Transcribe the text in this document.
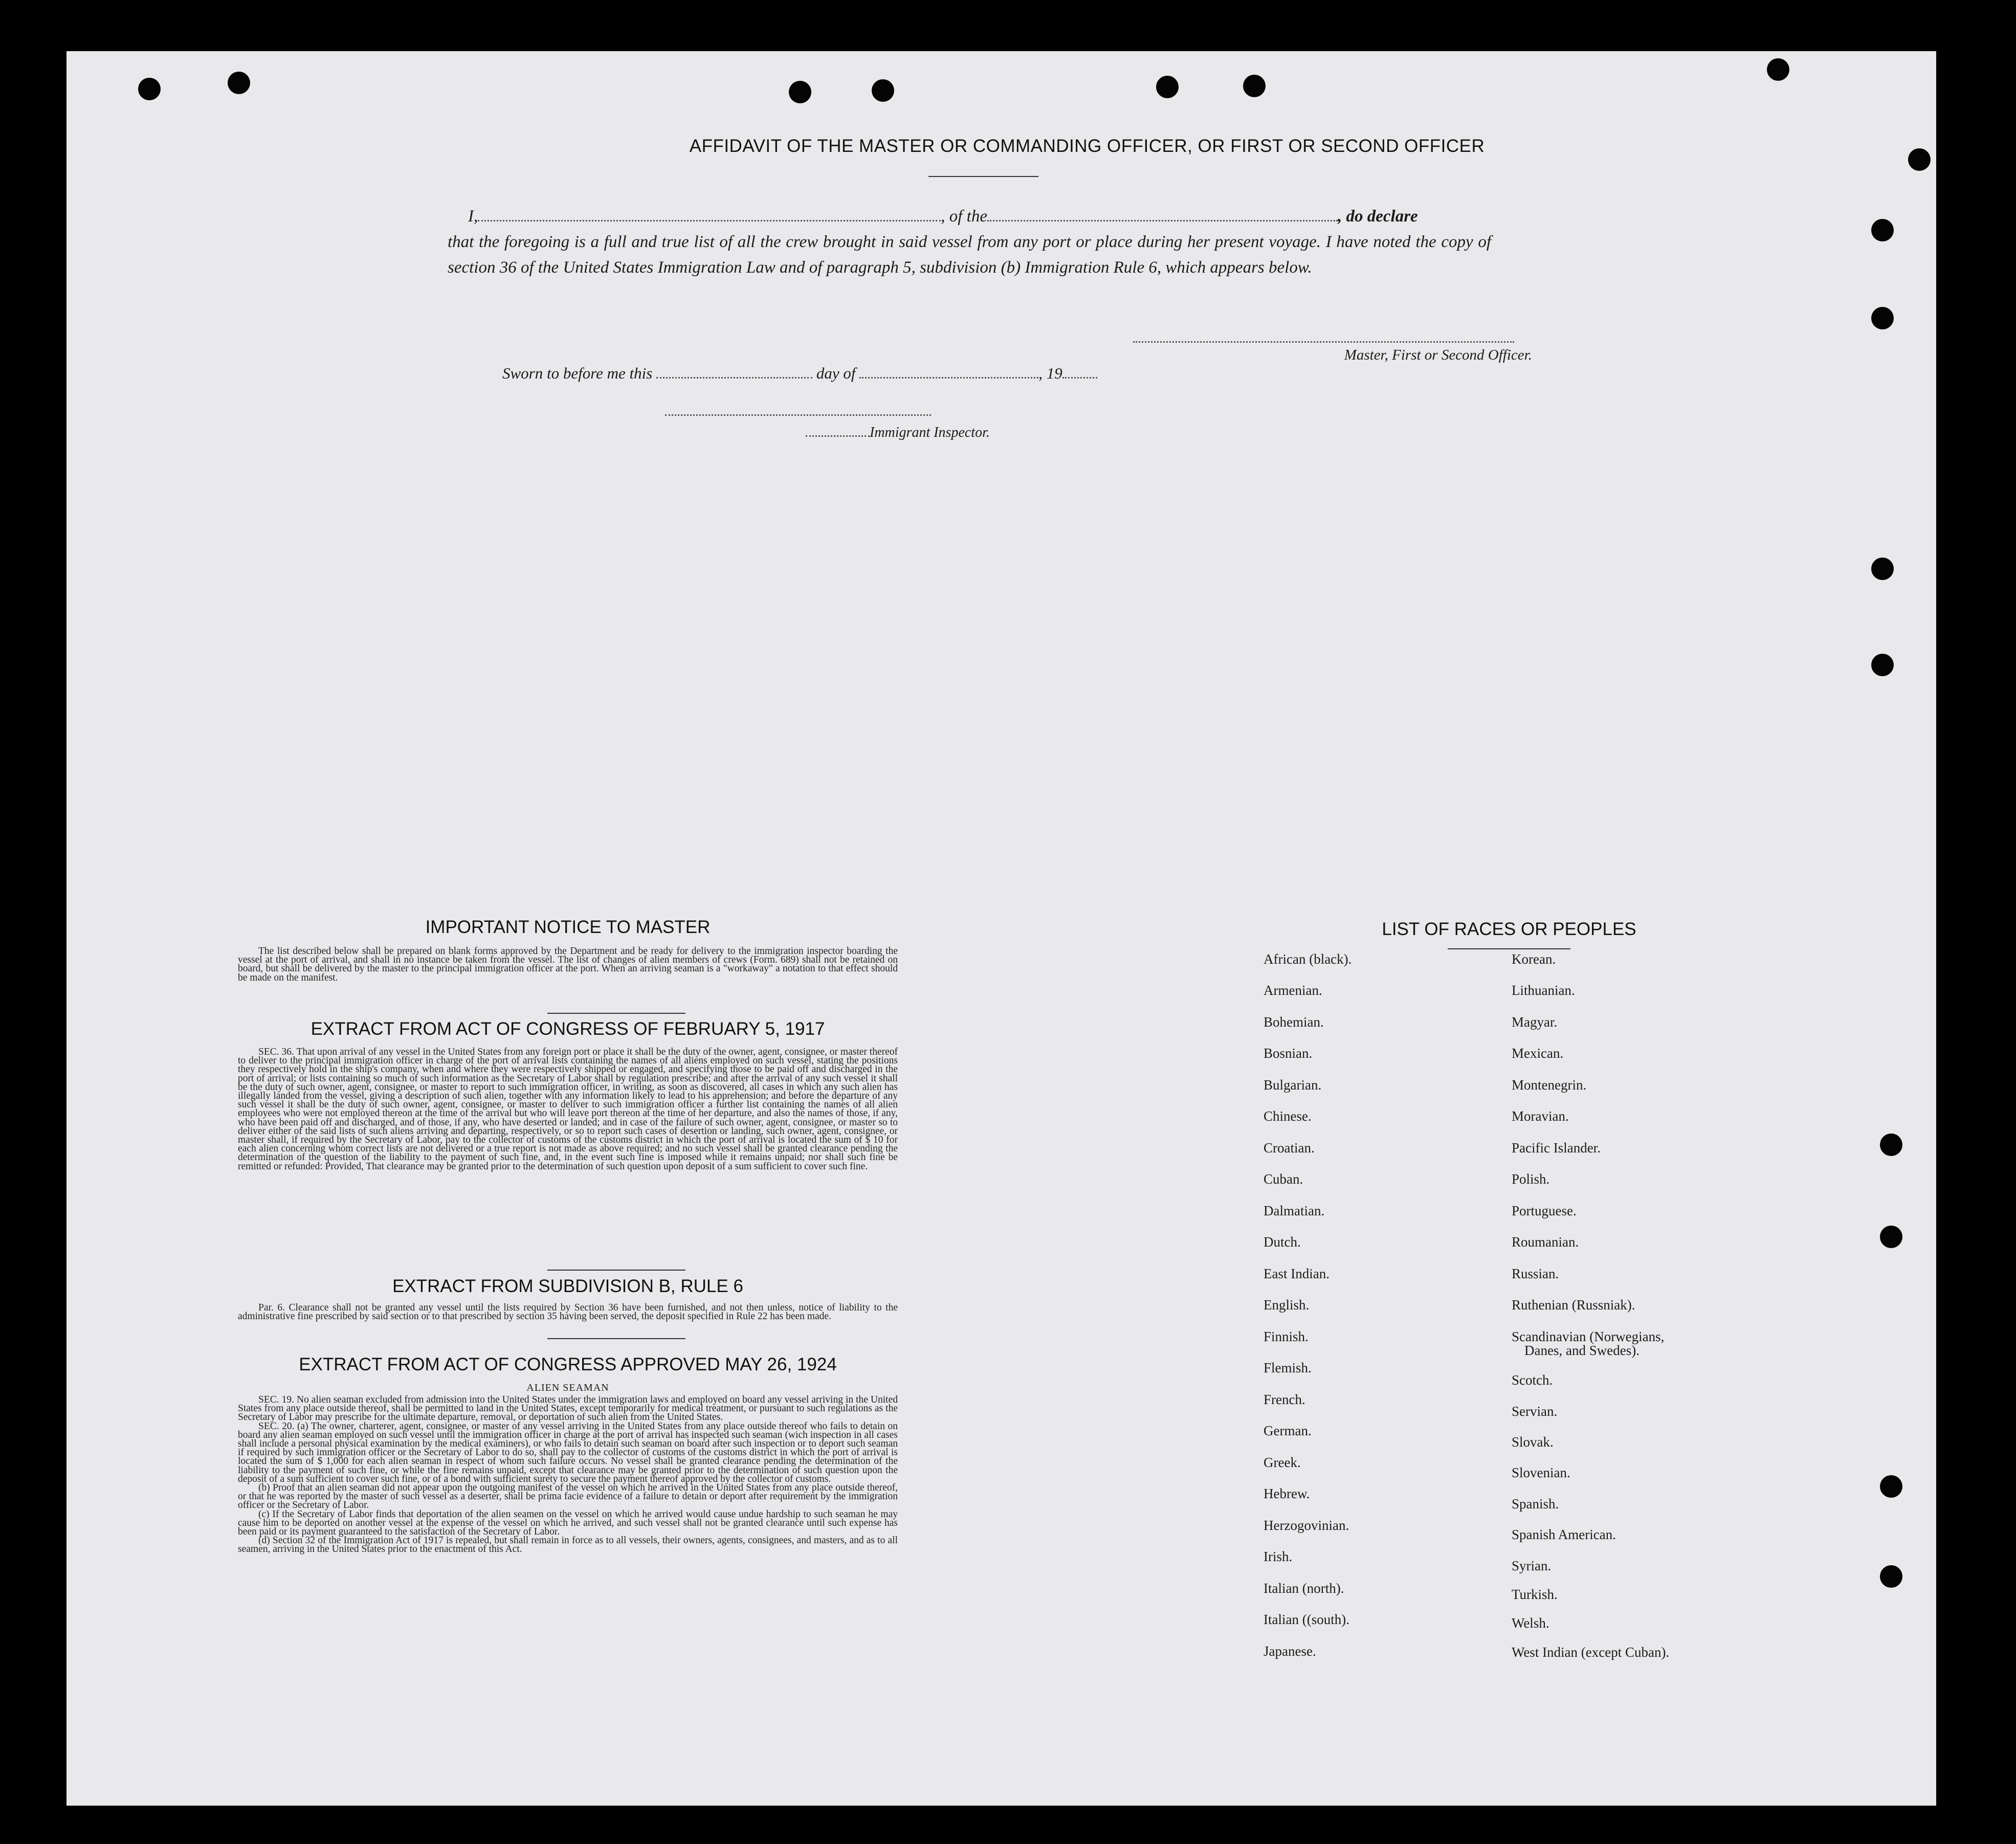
AFFIDAVIT OF THE MASTER OR COMMANDING OFFICER, OR FIRST OR SECOND OFFICER
I,	, of the	, do declare
that the foregoing is a full and true list of all the crew brought in said vessel from any port or place during her present voyage. I have noted the copy of section 36 of the United States Immigration Law and of paragraph 5, subdivision (b) Immigration Rule 6, which appears below.
Master, First or Second Officer.
Sworn to before me this	day of	, 19
Immigrant Inspector.
IMPORTANT NOTICE TO MASTER

The list described below shall be prepared on blank forms approved by the Department and be ready for delivery to the immigration inspector boarding the vessel at the port of arrival, and shall in no instance be taken from the vessel. The list of changes of alien members of crews (Form. 689) shall not be retained on board, but shall be delivered by the master to the principal immigration officer at the port. When an arriving seaman is a "workaway" a notation to that effect should be made on the manifest.

EXTRACT FROM ACT OF CONGRESS OF FEBRUARY 5, 1917

SEC. 36. That upon arrival of any vessel in the United States from any foreign port or place it shall be the duty of the owner, agent, consignee, or master thereof to deliver to the principal immigration officer in charge of the port of arrival lists containing the names of all aliens employed on such vessel, stating the positions they respectively hold in the ship's company, when and where they were respectively shipped or engaged, and specifying those to be paid off and discharged in the port of arrival; or lists containing so much of such information as the Secretary of Labor shall by regulation prescribe; and after the arrival of any such vessel it shall be the duty of such owner, agent, consignee, or master to report to such immigration officer, in writing, as soon as discovered, all cases in which any such alien has illegally landed from the vessel, giving a description of such alien, together with any information likely to lead to his apprehension; and before the departure of any such vessel it shall be the duty of such owner, agent, consignee, or master to deliver to such immigration officer a further list containing the names of all alien employees who were not employed thereon at the time of the arrival but who will leave port thereon at the time of her departure, and also the names of those, if any, who have been paid off and discharged, and of those, if any, who have deserted or landed; and in case of the failure of such owner, agent, consignee, or master so to deliver either of the said lists of such aliens arriving and departing, respectively, or so to report such cases of desertion or landing, such owner, agent, consignee, or master shall, if required by the Secretary of Labor, pay to the collector of customs of the customs district in which the port of arrival is located the sum of $ 10 for each alien concerning whom correct lists are not delivered or a true report is not made as above required; and no such vessel shall be granted clearance pending the determination of the question of the liability to the payment of such fine, and, in the event such fine is imposed while it remains unpaid; nor shall such fine be remitted or refunded: Provided, That clearance may be granted prior to the determination of such question upon deposit of a sum sufficient to cover such fine.

EXTRACT FROM SUBDIVISION B, RULE 6

Par. 6. Clearance shall not be granted any vessel until the lists required by Section 36 have been furnished, and not then unless, notice of liability to the administrative fine prescribed by said section or to that prescribed by section 35 having been served, the deposit specified in Rule 22 has been made.

EXTRACT FROM ACT OF CONGRESS APPROVED MAY 26, 1924
ALIEN SEAMAN

SEC. 19. No alien seaman excluded from admission into the United States under the immigration laws and employed on board any vessel arriving in the United States from any place outside thereof, shall be permitted to land in the United States, except temporarily for medical treatment, or pursuant to such regulations as the Secretary of Labor may prescribe for the ultimate departure, removal, or deportation of such alien from the United States.

SEC. 20. (a) The owner, charterer, agent, consignee, or master of any vessel arriving in the United States from any place outside thereof who fails to detain on board any alien seaman employed on such vessel until the immigration officer in charge at the port of arrival has inspected such seaman (wich inspection in all cases shall include a personal physical examination by the medical examiners), or who fails to detain such seaman on board after such inspection or to deport such seaman if required by such immigration officer or the Secretary of Labor to do so, shall pay to the collector of customs of the customs district in which the port of arrival is located the sum of $ 1,000 for each alien seaman in respect of whom such failure occurs. No vessel shall be granted clearance pending the determination of the liability to the payment of such fine, or while the fine remains unpaid, except that clearance may be granted prior to the determination of such question upon the deposit of a sum sufficient to cover such fine, or of a bond with sufficient surety to secure the payment thereof approved by the collector of customs.

(b) Proof that an alien seaman did not appear upon the outgoing manifest of the vessel on which he arrived in the United States from any place outside thereof, or that he was reported by the master of such vessel as a deserter, shall be prima facie evidence of a failure to detain or deport after requirement by the immigration officer or the Secretary of Labor.

(c) If the Secretary of Labor finds that deportation of the alien seamen on the vessel on which he arrived would cause undue hardship to such seaman he may cause him to be deported on another vessel at the expense of the vessel on which he arrived, and such vessel shall not be granted clearance until such expense has been paid or its payment guaranteed to the satisfaction of the Secretary of Labor.

(d) Section 32 of the Immigration Act of 1917 is repealed, but shall remain in force as to all vessels, their owners, agents, consignees, and masters, and as to all seamen, arriving in the United States prior to the enactment of this Act.

LIST OF RACES OR PEOPLES
African (black).
Armenian.
Bohemian.
Bosnian.
Bulgarian.
Chinese.
Croatian.
Cuban.
Dalmatian.
Dutch.
East Indian.
English.
Finnish.
Flemish.
French.
German.
Greek.
Hebrew.
Herzogovinian.
Irish.
Italian (north).
Italian ((south).
Japanese.
Korean.
Lithuanian.
Magyar.
Mexican.
Montenegrin.
Moravian.
Pacific Islander.
Polish.
Portuguese.
Roumanian.
Russian.
Ruthenian (Russniak).
Scandinavian (Norwegians,
Danes, and Swedes).
Scotch.
Servian.
Slovak.
Slovenian.
Spanish.
Spanish American.
Syrian.
Turkish.
Welsh.
West Indian (except Cuban).
